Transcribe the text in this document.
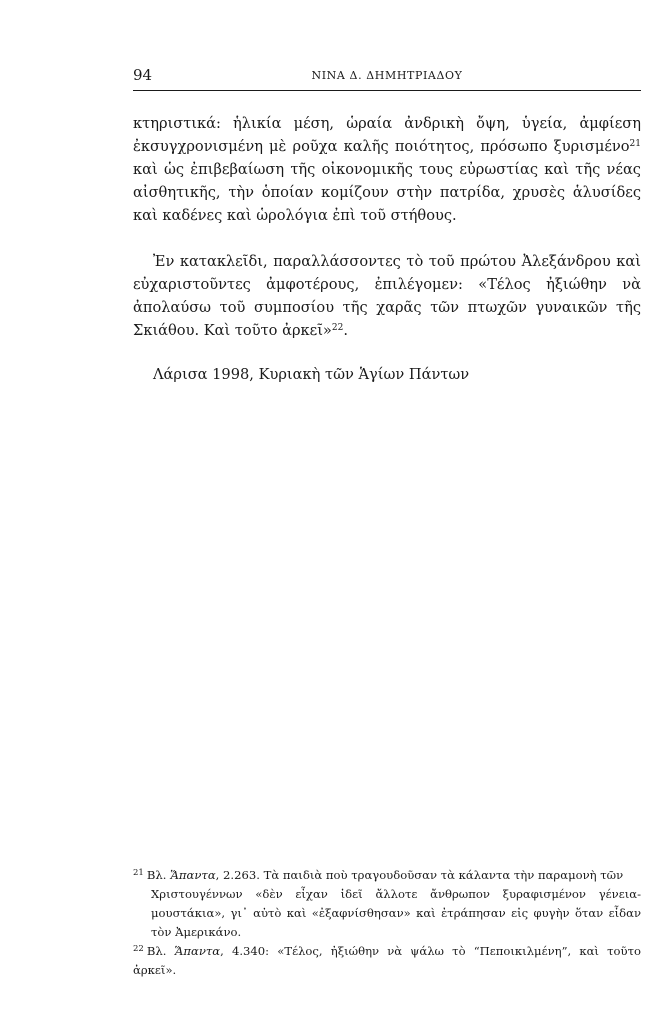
94	ΝΙΝΑ Δ. ΔΗΜΗΤΡΙΑΔΟΥ

κτηριστικά: ἡλικία μέση, ὡραία ἀνδρικὴ ὄψη, ὑγεία, ἀμφίεση ἐκσυγχρονισμένη μὲ ροῦχα καλῆς ποιότητος, πρόσωπο ξυρισμένο$^{21}$ καὶ ὡς ἐπιβεβαίωση τῆς οἰκονομικῆς τους εὐρωστίας καὶ τῆς νέας αἰσθητικῆς, τὴν ὁποίαν κομίζουν στὴν πατρίδα, χρυσὲς ἁλυσίδες καὶ καδένες καὶ ὡρολόγια ἐπὶ τοῦ στήθους.

Ἐν κατακλεῖδι, παραλλάσσοντες τὸ τοῦ πρώτου Ἀλεξάνδρου καὶ εὐχαριστοῦντες ἀμφοτέρους, ἐπιλέγομεν: «Τέλος ἠξιώθην νὰ ἀπολαύσω τοῦ συμποσίου τῆς χαρᾶς τῶν πτωχῶν γυναικῶν τῆς Σκιάθου. Καὶ τοῦτο ἀρκεῖ»$^{22}$.

Λάρισα 1998, Κυριακὴ τῶν Ἁγίων Πάντων

$^{21}$ Βλ. Ἅπαντα, 2.263. Τὰ παιδιὰ ποὺ τραγουδοῦσαν τὰ κάλαντα τὴν παραμονὴ τῶν

Χριστουγέννων «δὲν εἶχαν ἰδεῖ ἄλλοτε ἄνθρωπον ξυραφισμένον γένεια-μουστάκια», γι᾽ αὐτὸ καὶ «ἐξαφνίσθησαν» καὶ ἐτράπησαν εἰς φυγὴν ὅταν εἶδαν τὸν Ἀμερικάνο.

$^{22}$ Βλ. Ἅπαντα, 4.340: «Τέλος, ἠξιώθην νὰ ψάλω τὸ “Πεποικιλμένη”, καὶ τοῦτο ἀρκεῖ».
